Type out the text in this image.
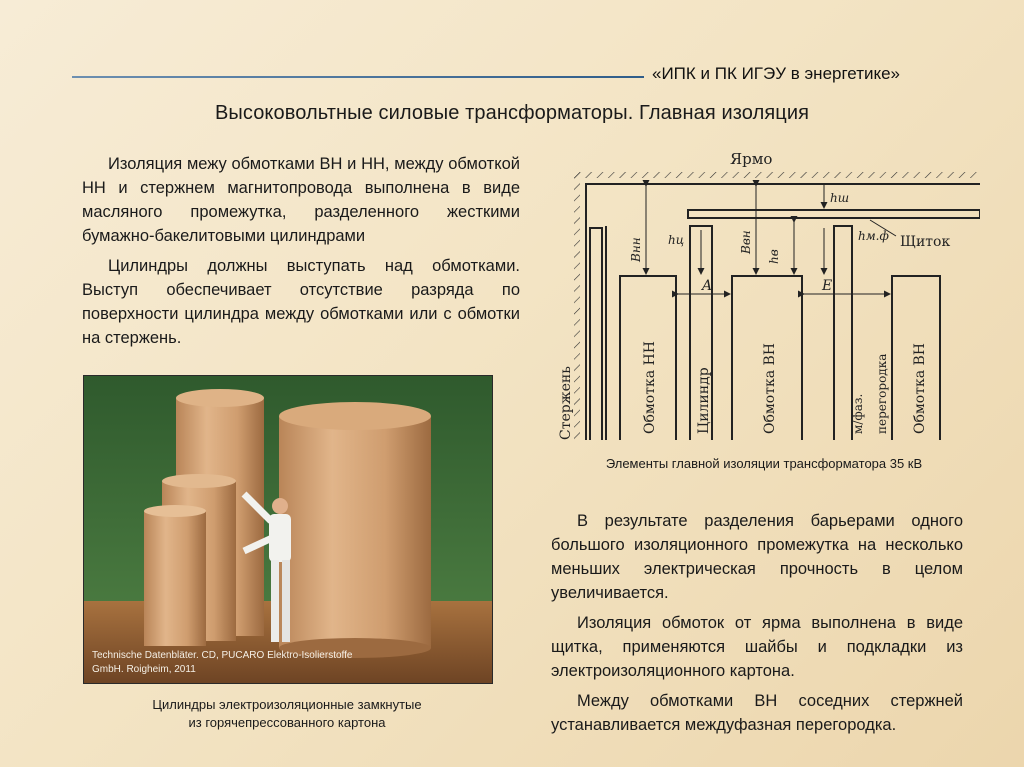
«ИПК и ПК ИГЭУ в энергетике»
Высоковольтные силовые трансформаторы. Главная изоляция

Изоляция межу обмотками ВН и НН, между обмоткой НН и стержнем магнитопровода выполнена в виде масляного промежутка, разделенного жесткими бумажно-бакелитовыми цилиндрами

Цилиндры должны выступать над обмотками. Выступ обеспечивает отсутствие разряда по поверхности цилиндра между обмотками или с обмотки на стержень.

Technische Datenbläter. CD, PUCARO Elektro-Isolierstoffe
GmbH. Roigheim, 2011
Цилиндры электроизоляционные замкнутые
из горячепрессованного картона
Ярмо
Стержень	Обмотка НН	Цилиндр	Обмотка ВН
Щиток
м/фаз. перегородка Обмотка ВН
A	E
hш
hц
hв
hм.ф
Bнн	Bвн
Элементы главной изоляции трансформатора 35 кВ

В результате разделения барьерами одного большого изоляционного промежутка на несколько меньших электрическая прочность в целом увеличивается.

Изоляция обмоток от ярма выполнена в виде щитка, применяются шайбы и подкладки из электроизоляционного картона.

Между обмотками ВН соседних стержней устанавливается междуфазная перегородка.
